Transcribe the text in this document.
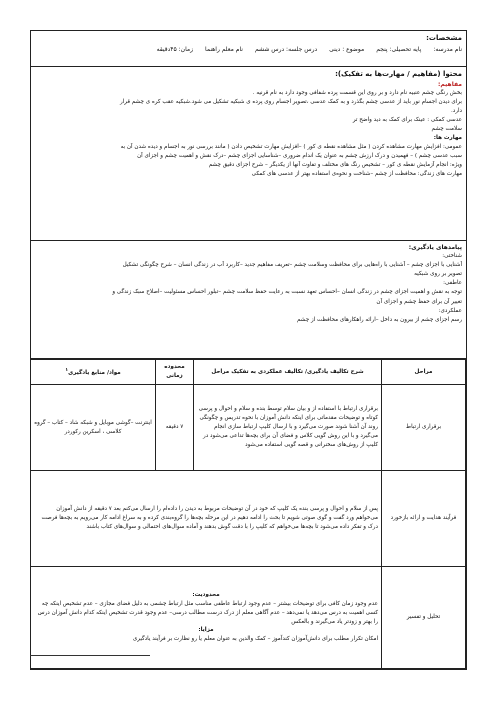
مشخصات:
نام مدرسه:
پایه تحصیلی: پنجم
موضوع : دینی
درس جلسه: درس ششم
نام معلم راهنما
زمان: ۴۵دقیقه
محتوا (مفاهیم / مهارت‌ها به تفکیک):
مفاهیم:
بخش رنگی چشم عنبیه نام دارد و بر روی این قسمت پرده شفافی وجود دارد به نام قرنیه .
برای دیدن اجسام نور باید از عدسی چشم بگذرد و به کمک عدسی ،تصویر اجسام روی پرده ی شبکیه تشکیل می شود.شبکیه عقب کره ی چشم قرار
دارد.
عدسی کمکی : عینک برای کمک به دید واضح تر
سلامت چشم
مهارت ها:
عمومی: افزایش مهارت مشاهده کردن ( مثل مشاهده نقطه ی کور ) –افزایش مهارت تشخیص دادن ( مانند بررسی نور به اجسام و دیده شدن آن به
سبب عدسی چشم ) – فهمیدن و درک ارزش چشم به عنوان یک اندام ضروری –شناسایی اجزای چشم –درک نقش و اهمیت چشم و اجزای آن
ویژه: انجام آزمایش نقطه ی کور – تشخیص رنگ های مختلف و تفاوت آنها از یکدیگر – شرح اجزای دقیق چشم
مهارت های زندگی: محافظت از چشم –شناخت و نحوه‌ی استفاده بهتر از عدسی های کمکی
پیامدهای یادگیری:
شناختی:
آشنایی با اجزای چشم – آشنایی با راه‌هایی برای محافظت وسلامت چشم –تعریف مفاهیم جدید –کاربرد آب در زندگی انسان – شرح چگونگی تشکیل
تصویر بر روی شبکیه
عاطفی:
توجه به نقش و اهمیت اجزای چشم در زندگی انسان –احساس تعهد نسبت به رعایت حفظ سلامت چشم –تبلور احساس مسئولیت –اصلاح سبک زندگی و
تغییر آن برای حفظ چشم و اجزای آن
عملکردی:
رسم اجزای چشم از بیرون به داخل –ارائه راهکارهای محافظت از چشم
مراحل	شرح تکالیف یادگیری/ تکالیف عملکردی به تفکیک مراحل	محدوده زمانی	مواد/ منابع یادگیری$^۱$
برقراری ارتباط	برقراری ارتباط با استفاده از و بیان سلام توسط بنده و سلام و احوال و پرسی کوتاه و توضیحات مقدماتی برای اینکه دانش آموزان با نحوه تدریس و چگونگی روند آن آشنا شوند صورت می‌گیرد و با ارسال کلیپ ارتباط سازی انجام می‌گیرد و با این روش گویی کلاس و فضای آن برای بچه‌ها تداعی می‌شود در کلیپ از روش‌های سخنرانی و قصه گویی استفاده می‌شود	۷ دقیقه	اینترنت –گوشی موبایل و شبکه شاد – کتاب – گروه کلاسی ، اسکرین رکوردر
فرآیند هدایت و ارائه بازخورد	پس از سلام و احوال و پرسی بنده یک کلیپ که خود در آن توضیحات مربوط به دیدن را داده‌ام را ارسال می‌کنم بعد ۷ دقیقه از دانش آموزان می‌خواهم ورد گفت و گوی صوتی شویم تا بحث را ادامه دهیم در این مرحله بچه‌ها را گروه‌بندی کرده و به سراغ ادامه کار می‌رویم به بچه‌ها فرصت درک و تفکر داده می‌شود تا بچه‌ها می‌خواهم که کلیپ را با دقت گوش بدهند و آماده سوال‌های احتمالی و سوال‌های کتاب باشند		
تحلیل و تفسیر	محدودیت:
عدم وجود زمان کافی برای توضیحات بیشتر – عدم وجود ارتباط عاطفی مناسب مثل ارتباط چشمی به دلیل فضای مجازی – عدم تشخیص اینکه چه کسی اهمیت به درس می‌دهد یا نمی‌دهد – عدم آگاهی معلم از درک درست مطالب درسی– عدم وجود قدرت تشخیص اینکه کدام دانش آموزان درس را بهتر و زودتر یاد می‌گیرند و بالعکس
مزایا:
امکان تکرار مطلب برای دانش‌آموزان کندآموز – کمک والدین به عنوان معلم یا رو نظارت بر فرآیند یادگیری		
